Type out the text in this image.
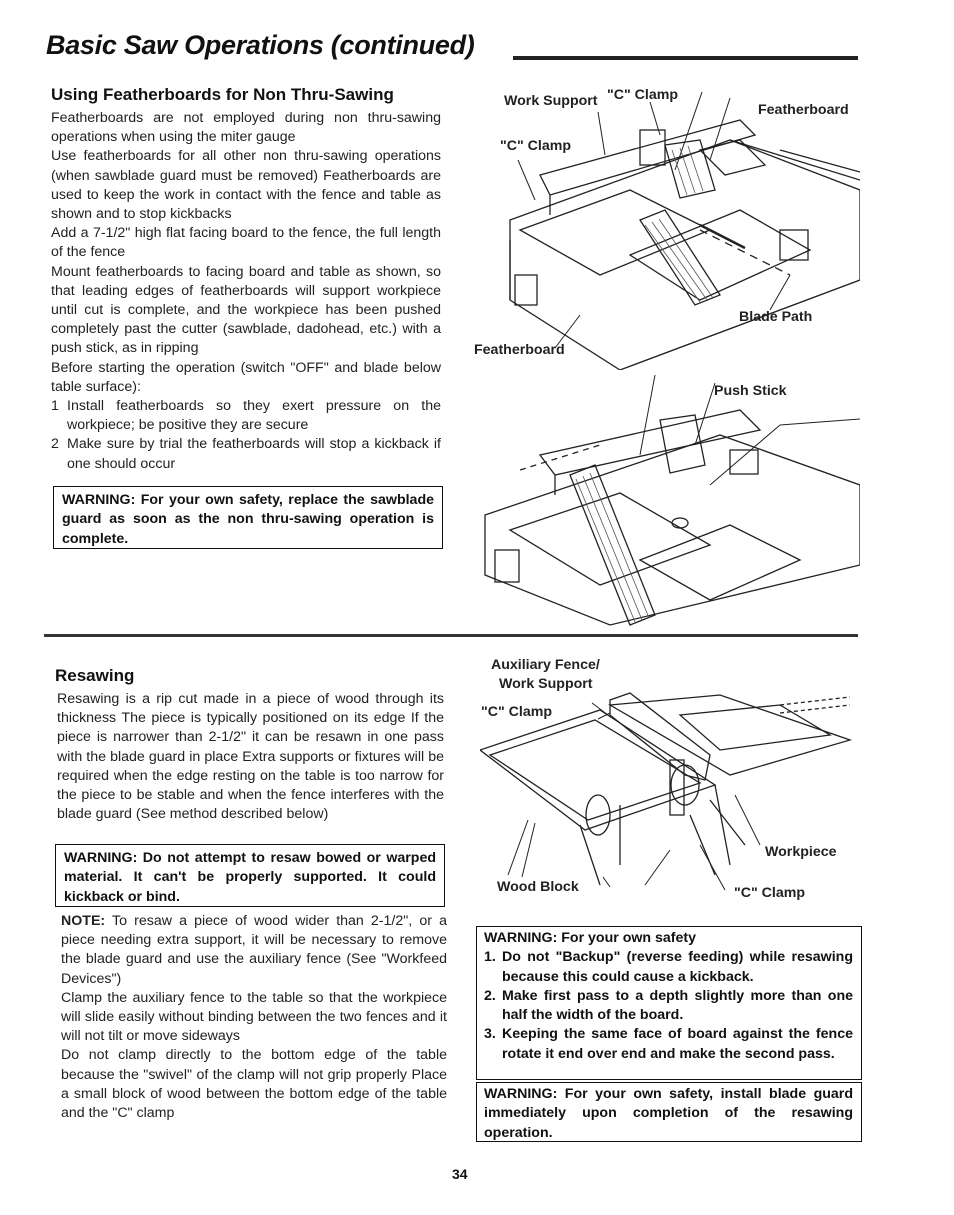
Basic Saw Operations (continued)
Using Featherboards for Non Thru-Sawing

Featherboards are not employed during non thru-sawing operations when using the miter gauge

Use featherboards for all other non thru-sawing operations (when sawblade guard must be removed) Featherboards are used to keep the work in contact with the fence and table as shown and to stop kickbacks

Add a 7-1/2" high flat facing board to the fence, the full length of the fence

Mount featherboards to facing board and table as shown, so that leading edges of featherboards will support workpiece until cut is complete, and the workpiece has been pushed completely past the cutter (sawblade, dadohead, etc.) with a push stick, as in ripping

Before starting the operation (switch "OFF" and blade below table surface):

1 Install featherboards so they exert pressure on the workpiece; be positive they are secure
2 Make sure by trial the featherboards will stop a kickback if one should occur
WARNING: For your own safety, replace the sawblade guard as soon as the non thru-sawing operation is complete.
Work Support "C" Clamp
Featherboard
"C" Clamp
Blade Path
Featherboard
Push Stick
Resawing

Resawing is a rip cut made in a piece of wood through its thickness The piece is typically positioned on its edge If the piece is narrower than 2-1/2" it can be resawn in one pass with the blade guard in place Extra supports or fixtures will be required when the edge resting on the table is too narrow for the piece to be stable and when the fence interferes with the blade guard (See method described below)

WARNING: Do not attempt to resaw bowed or warped material. It can't be properly supported. It could kickback or bind.

NOTE: To resaw a piece of wood wider than 2-1/2", or a piece needing extra support, it will be necessary to remove the blade guard and use the auxiliary fence (See "Workfeed Devices")

Clamp the auxiliary fence to the table so that the workpiece will slide easily without binding between the two fences and it will not tilt or move sideways

Do not clamp directly to the bottom edge of the table because the "swivel" of the clamp will not grip properly Place a small block of wood between the bottom edge of the table and the "C" clamp

Auxiliary Fence/
Work Support
"C" Clamp
Workpiece
Wood Block	"C" Clamp
WARNING: For your own safety
1. Do not "Backup" (reverse feeding) while resawing because this could cause a kickback.
2. Make first pass to a depth slightly more than one half the width of the board.
3. Keeping the same face of board against the fence rotate it end over end and make the second pass.
WARNING: For your own safety, install blade guard immediately upon completion of the resawing operation.
34
